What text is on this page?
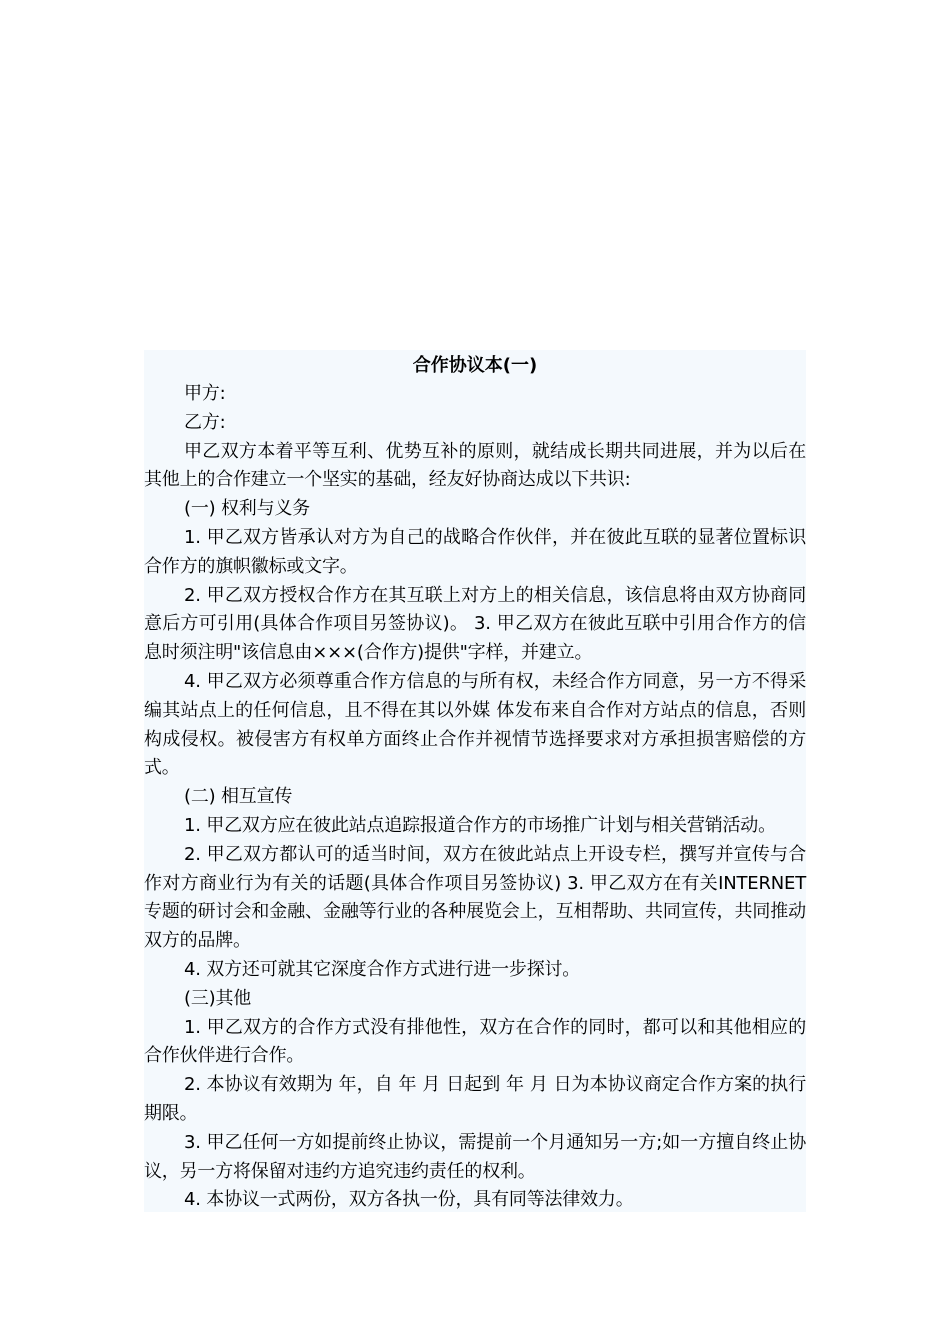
合作协议本(一)

甲方:

乙方:

甲乙双方本着平等互利、优势互补的原则，就结成长期共同进展，并为以后在其他上的合作建立一个坚实的基础，经友好协商达成以下共识:

(一) 权利与义务

1. 甲乙双方皆承认对方为自己的战略合作伙伴，并在彼此互联的显著位置标识合作方的旗帜徽标或文字。

2. 甲乙双方授权合作方在其互联上对方上的相关信息，该信息将由双方协商同意后方可引用(具体合作项目另签协议)。 3. 甲乙双方在彼此互联中引用合作方的信息时须注明"该信息由×××(合作方)提供"字样，并建立。

4. 甲乙双方必须尊重合作方信息的与所有权，未经合作方同意，另一方不得采编其站点上的任何信息，且不得在其以外媒 体发布来自合作对方站点的信息，否则构成侵权。被侵害方有权单方面终止合作并视情节选择要求对方承担损害赔偿的方式。

(二) 相互宣传

1. 甲乙双方应在彼此站点追踪报道合作方的市场推广计划与相关营销活动。

2. 甲乙双方都认可的适当时间，双方在彼此站点上开设专栏，撰写并宣传与合作对方商业行为有关的话题(具体合作项目另签协议) 3. 甲乙双方在有关INTERNET专题的研讨会和金融、金融等行业的各种展览会上，互相帮助、共同宣传，共同推动双方的品牌。

4. 双方还可就其它深度合作方式进行进一步探讨。

(三)其他

1. 甲乙双方的合作方式没有排他性，双方在合作的同时，都可以和其他相应的合作伙伴进行合作。

2. 本协议有效期为 年，自 年 月 日起到 年 月 日为本协议商定合作方案的执行期限。

3. 甲乙任何一方如提前终止协议，需提前一个月通知另一方;如一方擅自终止协议，另一方将保留对违约方追究违约责任的权利。

4. 本协议一式两份，双方各执一份，具有同等法律效力。
